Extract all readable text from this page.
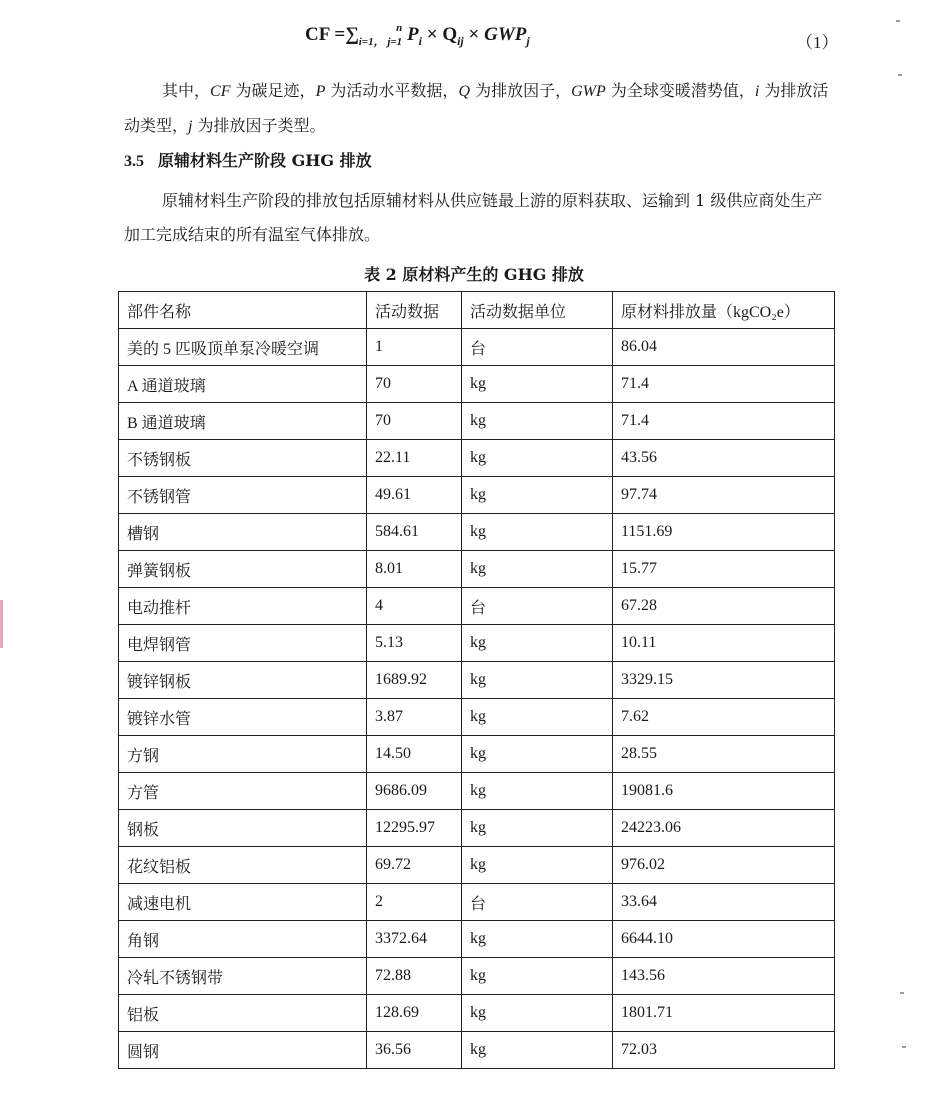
CF $=\sum_{i=1, j=1}^n$ $P_i \times Q_{ij} \times GWP_j$	（1）

其中，CF 为碳足迹，P 为活动水平数据，Q 为排放因子，GWP 为全球变暖潜势值，i 为排放活动类型，j 为排放因子类型。

3.5 原辅材料生产阶段 GHG 排放

原辅材料生产阶段的排放包括原辅材料从供应链最上游的原料获取、运输到 1 级供应商处生产加工完成结束的所有温室气体排放。

表 2 原材料产生的 GHG 排放
部件名称	活动数据	活动数据单位	原材料排放量（kgCO₂e）
美的 5 匹吸顶单泵冷暖空调	1	台	86.04
A 通道玻璃	70	kg	71.4
B 通道玻璃	70	kg	71.4
不锈钢板	22.11	kg	43.56
不锈钢管	49.61	kg	97.74
槽钢	584.61	kg	1151.69
弹簧钢板	8.01	kg	15.77
电动推杆	4	台	67.28
电焊钢管	5.13	kg	10.11
镀锌钢板	1689.92	kg	3329.15
镀锌水管	3.87	kg	7.62
方钢	14.50	kg	28.55
方管	9686.09	kg	19081.6
钢板	12295.97	kg	24223.06
花纹铝板	69.72	kg	976.02
减速电机	2	台	33.64
角钢	3372.64	kg	6644.10
冷轧不锈钢带	72.88	kg	143.56
铝板	128.69	kg	1801.71
圆钢	36.56	kg	72.03
